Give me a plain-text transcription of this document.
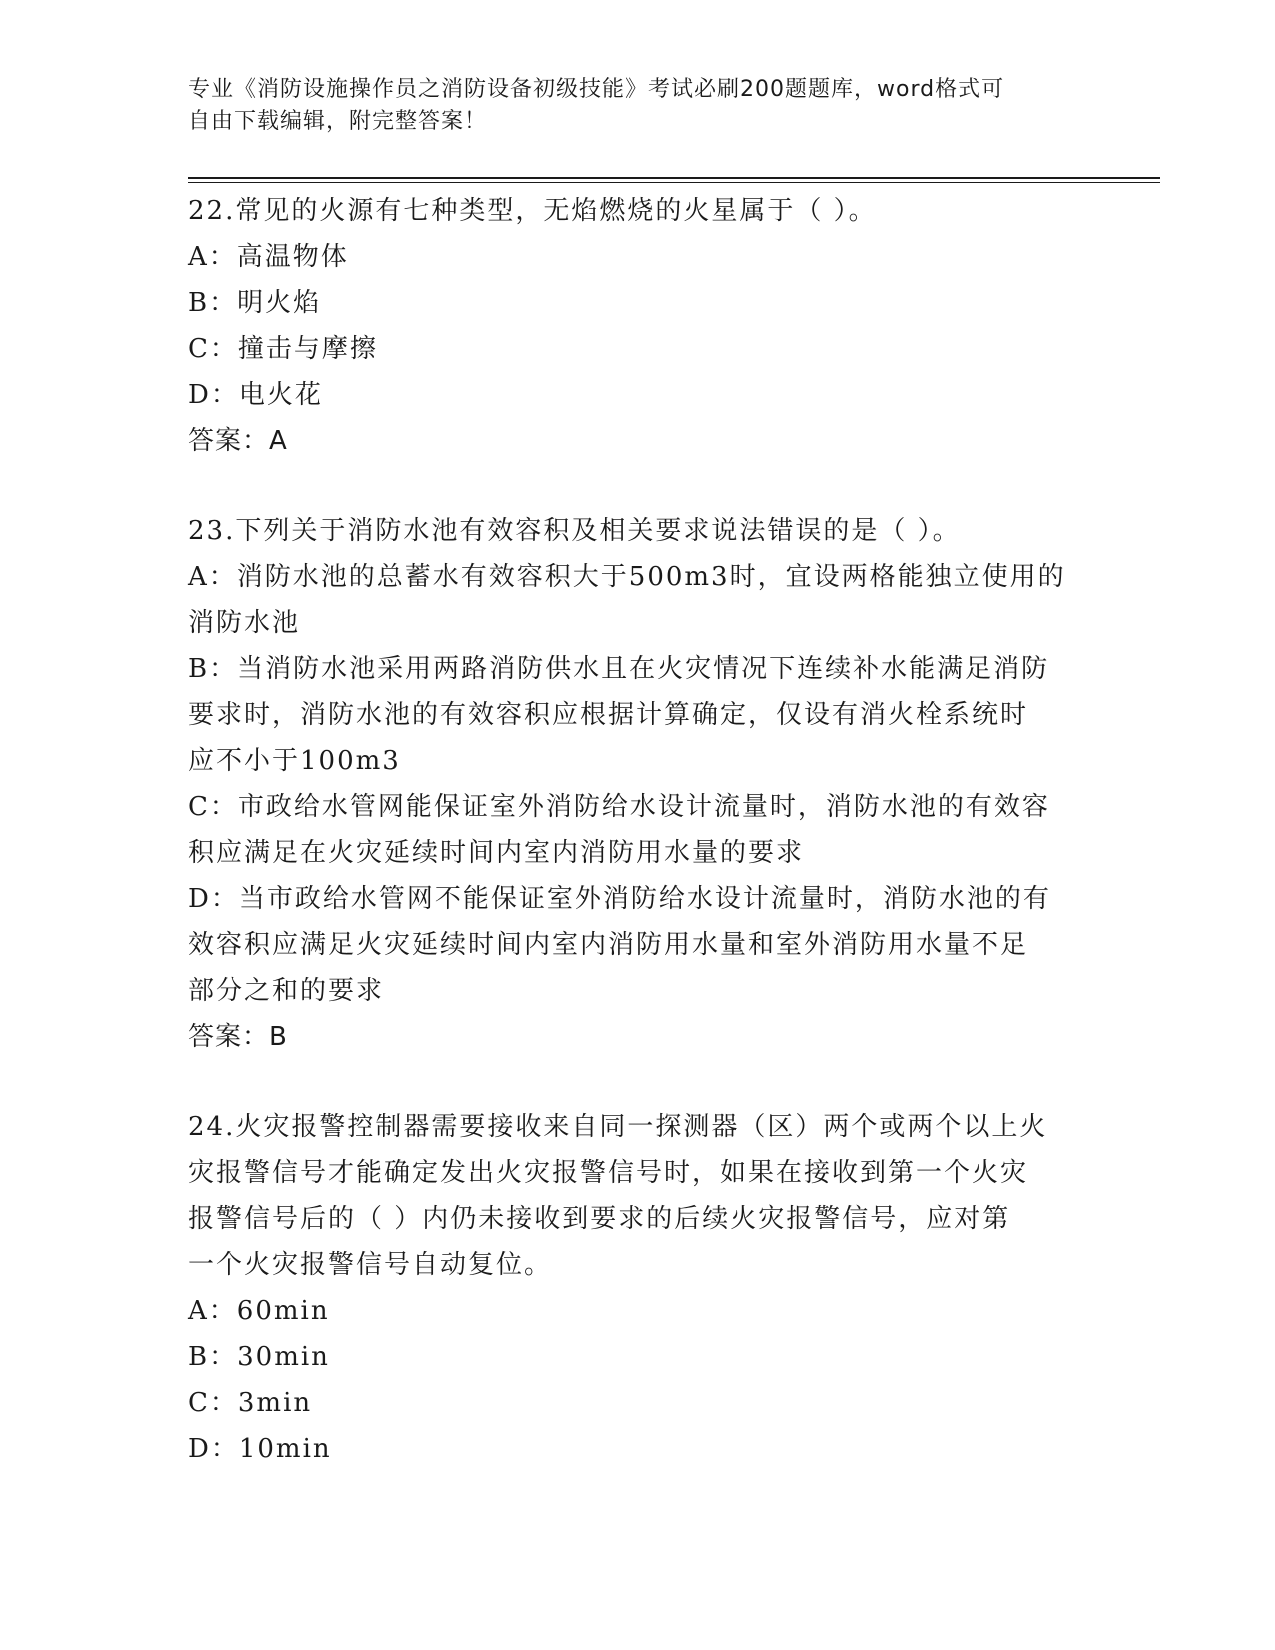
专业《消防设施操作员之消防设备初级技能》考试必刷200题题库，word格式可
自由下载编辑，附完整答案！
22.常见的火源有七种类型，无焰燃烧的火星属于（ ）。
A：高温物体
B：明火焰
C：撞击与摩擦
D：电火花
答案：A
23.下列关于消防水池有效容积及相关要求说法错误的是（ ）。
A：消防水池的总蓄水有效容积大于500m3时，宜设两格能独立使用的
消防水池
B：当消防水池采用两路消防供水且在火灾情况下连续补水能满足消防
要求时，消防水池的有效容积应根据计算确定，仅设有消火栓系统时
应不小于100m3
C：市政给水管网能保证室外消防给水设计流量时，消防水池的有效容
积应满足在火灾延续时间内室内消防用水量的要求
D：当市政给水管网不能保证室外消防给水设计流量时，消防水池的有
效容积应满足火灾延续时间内室内消防用水量和室外消防用水量不足
部分之和的要求
答案：B
24.火灾报警控制器需要接收来自同一探测器（区）两个或两个以上火
灾报警信号才能确定发出火灾报警信号时，如果在接收到第一个火灾
报警信号后的（ ）内仍未接收到要求的后续火灾报警信号，应对第
一个火灾报警信号自动复位。
A：60min
B：30min
C：3min
D：10min
